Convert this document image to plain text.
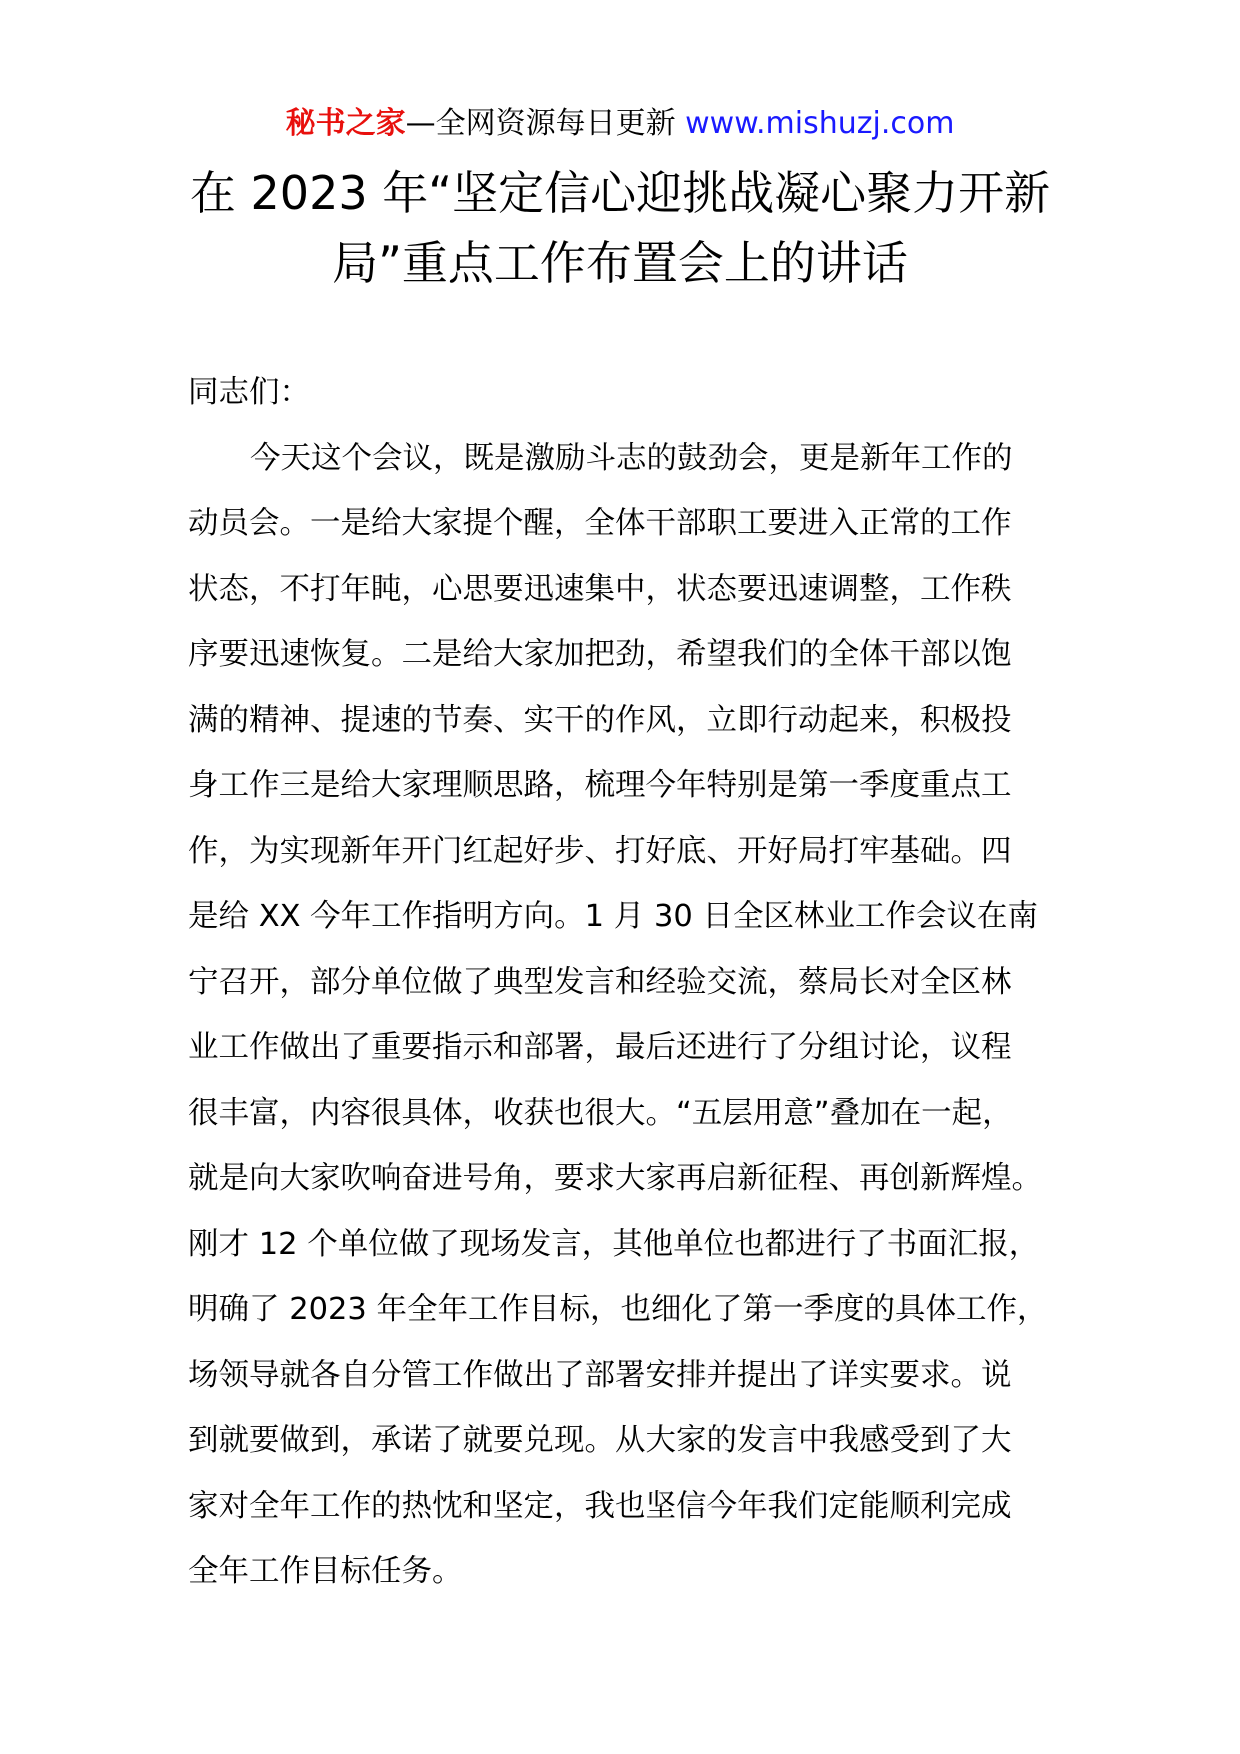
秘书之家—全网资源每日更新 www.mishuzj.com
在 2023 年“坚定信心迎挑战凝心聚力开新
局”重点工作布置会上的讲话
同志们：
今天这个会议，既是激励斗志的鼓劲会，更是新年工作的
动员会。一是给大家提个醒，全体干部职工要进入正常的工作
状态，不打年盹，心思要迅速集中，状态要迅速调整，工作秩
序要迅速恢复。二是给大家加把劲，希望我们的全体干部以饱
满的精神、提速的节奏、实干的作风，立即行动起来，积极投
身工作三是给大家理顺思路，梳理今年特别是第一季度重点工
作，为实现新年开门红起好步、打好底、开好局打牢基础。四
是给 XX 今年工作指明方向。1 月 30 日全区林业工作会议在南
宁召开，部分单位做了典型发言和经验交流，蔡局长对全区林
业工作做出了重要指示和部署，最后还进行了分组讨论，议程
很丰富，内容很具体，收获也很大。“五层用意”叠加在一起，
就是向大家吹响奋进号角，要求大家再启新征程、再创新辉煌。
刚才 12 个单位做了现场发言，其他单位也都进行了书面汇报，
明确了 2023 年全年工作目标，也细化了第一季度的具体工作，
场领导就各自分管工作做出了部署安排并提出了详实要求。说
到就要做到，承诺了就要兑现。从大家的发言中我感受到了大
家对全年工作的热忱和坚定，我也坚信今年我们定能顺利完成
全年工作目标任务。
